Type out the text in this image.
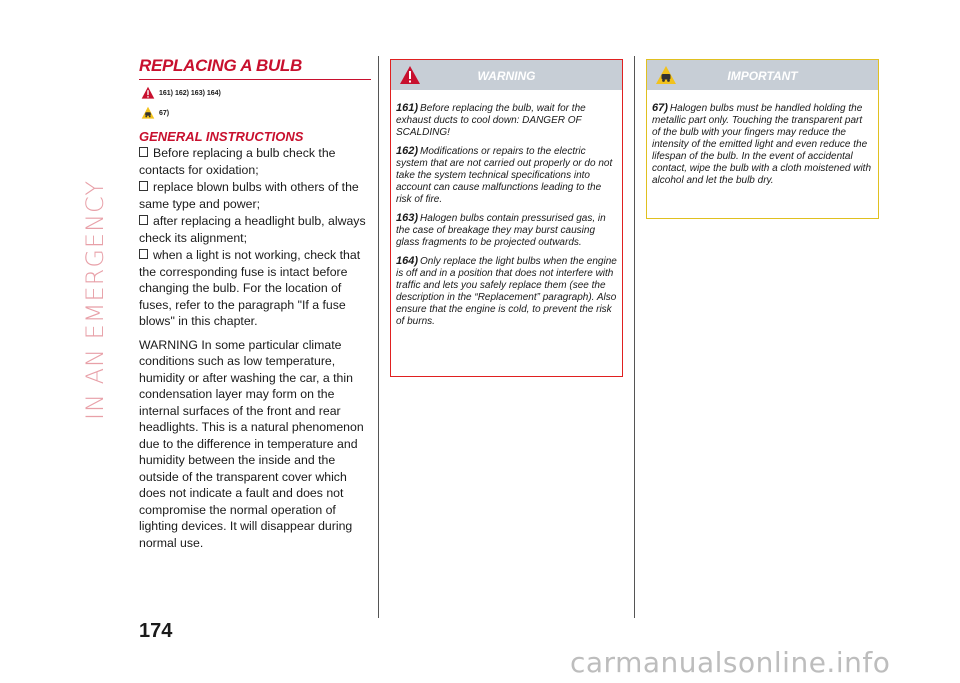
IN AN EMERGENCY
REPLACING A BULB
161) 162) 163) 164)
67)
GENERAL INSTRUCTIONS
Before replacing a bulb check the contacts for oxidation;
replace blown bulbs with others of the same type and power;
after replacing a headlight bulb, always check its alignment;
when a light is not working, check that the corresponding fuse is intact before changing the bulb. For the location of fuses, refer to the paragraph "If a fuse blows" in this chapter.
WARNING In some particular climate conditions such as low temperature, humidity or after washing the car, a thin condensation layer may form on the internal surfaces of the front and rear headlights. This is a natural phenomenon due to the difference in temperature and humidity between the inside and the outside of the transparent cover which does not indicate a fault and does not compromise the normal operation of lighting devices. It will disappear during normal use.
WARNING
161) Before replacing the bulb, wait for the exhaust ducts to cool down: DANGER OF SCALDING!
162) Modifications or repairs to the electric system that are not carried out properly or do not take the system technical specifications into account can cause malfunctions leading to the risk of fire.
163) Halogen bulbs contain pressurised gas, in the case of breakage they may burst causing glass fragments to be projected outwards.
164) Only replace the light bulbs when the engine is off and in a position that does not interfere with traffic and lets you safely replace them (see the description in the “Replacement” paragraph). Also ensure that the engine is cold, to prevent the risk of burns.
IMPORTANT
67) Halogen bulbs must be handled holding the metallic part only. Touching the transparent part of the bulb with your fingers may reduce the intensity of the emitted light and even reduce the lifespan of the bulb. In the event of accidental contact, wipe the bulb with a cloth moistened with alcohol and let the bulb dry.
174
carmanualsonline.info
